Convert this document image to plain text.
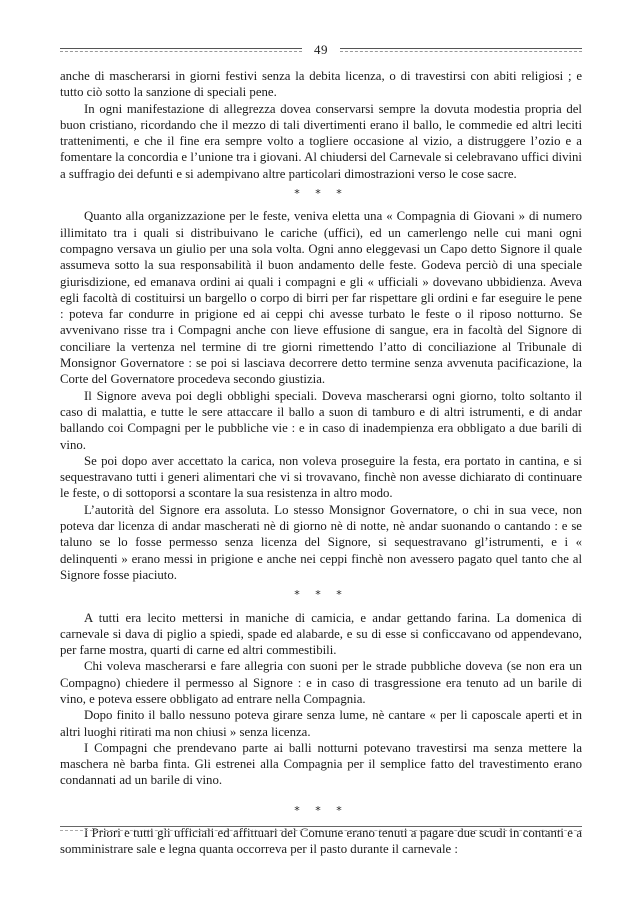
49

anche di mascherarsi in giorni festivi senza la debita licenza, o di travestirsi con abiti religiosi ; e tutto ciò sotto la sanzione di speciali pene.

In ogni manifestazione di allegrezza dovea conservarsi sempre la dovuta modestia propria del buon cristiano, ricordando che il mezzo di tali divertimenti erano il ballo, le commedie ed altri leciti trattenimenti, e che il fine era sempre volto a togliere occasione al vizio, a distruggere l’ozio e a fomentare la concordia e l’unione tra i giovani. Al chiudersi del Carnevale si celebravano uffici divini a suffragio dei defunti e si adempivano altre particolari dimostrazioni verso le cose sacre.

* * *

Quanto alla organizzazione per le feste, veniva eletta una « Compagnia di Giovani » di numero illimitato tra i quali si distribuivano le cariche (uffici), ed un camerlengo nelle cui mani ogni compagno versava un giulio per una sola volta. Ogni anno eleggevasi un Capo detto Signore il quale assumeva sotto la sua responsabilità il buon andamento delle feste. Godeva perciò di una speciale giurisdizione, ed emanava ordini ai quali i compagni e gli « ufficiali » dovevano ubbidienza. Aveva egli facoltà di costituirsi un bargello o corpo di birri per far rispettare gli ordini e far eseguire le pene : poteva far condurre in prigione ed ai ceppi chi avesse turbato le feste o il riposo notturno. Se avvenivano risse tra i Compagni anche con lieve effusione di sangue, era in facoltà del Signore di conciliare la vertenza nel termine di tre giorni rimettendo l’atto di conciliazione al Tribunale di Monsignor Governatore : se poi si lasciava decorrere detto termine senza avvenuta pacificazione, la Corte del Governatore procedeva secondo giustizia.

Il Signore aveva poi degli obblighi speciali. Doveva mascherarsi ogni giorno, tolto soltanto il caso di malattia, e tutte le sere attaccare il ballo a suon di tamburo e di altri istrumenti, e di andar ballando coi Compagni per le pubbliche vie : e in caso di inadempienza era obbligato a due barili di vino.

Se poi dopo aver accettato la carica, non voleva proseguire la festa, era portato in cantina, e si sequestravano tutti i generi alimentari che vi si trovavano, finchè non avesse dichiarato di continuare le feste, o di sottoporsi a scontare la sua resistenza in altro modo.

L’autorità del Signore era assoluta. Lo stesso Monsignor Governatore, o chi in sua vece, non poteva dar licenza di andar mascherati nè di giorno nè di notte, nè andar suonando o cantando : e se taluno se lo fosse permesso senza licenza del Signore, si sequestravano gl’istrumenti, e i « delinquenti » erano messi in prigione e anche nei ceppi finchè non avessero pagato quel tanto che al Signore fosse piaciuto.

* * *

A tutti era lecito mettersi in maniche di camicia, e andar gettando farina. La domenica di carnevale si dava di piglio a spiedi, spade ed alabarde, e su di esse si conficcavano od appendevano, per farne mostra, quarti di carne ed altri commestibili.

Chi voleva mascherarsi e fare allegria con suoni per le strade pubbliche doveva (se non era un Compagno) chiedere il permesso al Signore : e in caso di trasgressione era tenuto ad un barile di vino, e poteva essere obbligato ad entrare nella Compagnia.

Dopo finito il ballo nessuno poteva girare senza lume, nè cantare « per li caposcale aperti et in altri luoghi ritirati ma non chiusi » senza licenza.

I Compagni che prendevano parte ai balli notturni potevano travestirsi ma senza mettere la maschera nè barba finta. Gli estrenei alla Compagnia per il semplice fatto del travestimento erano condannati ad un barile di vino.

* * *

I Priori e tutti gli ufficiali ed affittuari del Comune erano tenuti a pagare due scudi in contanti e a somministrare sale e legna quanta occorreva per il pasto durante il carnevale :
